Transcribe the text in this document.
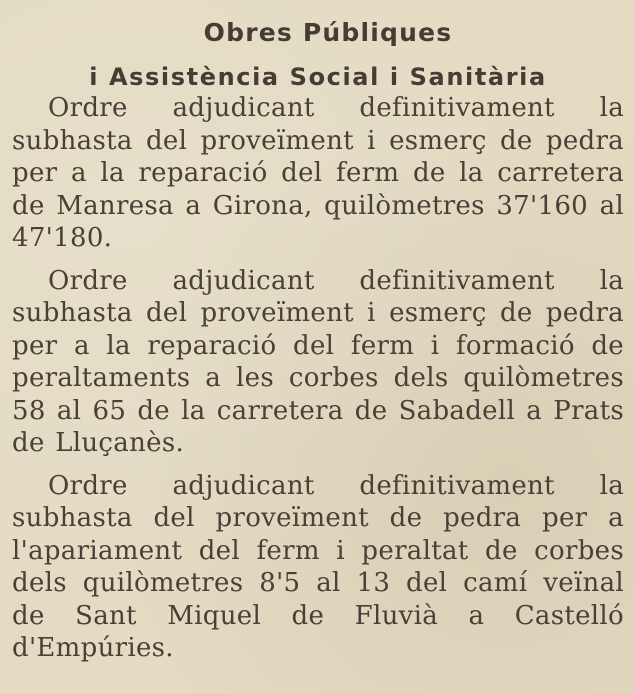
Obres Públiques
i Assistència Social i Sanitària

Ordre adjudicant definitivament la subhasta del proveïment i esmerç de pedra per a la reparació del ferm de la carretera de Manresa a Girona, quilòmetres 37'160 al 47'180.

Ordre adjudicant definitivament la subhasta del proveïment i esmerç de pedra per a la reparació del ferm i formació de peraltaments a les corbes dels quilòmetres 58 al 65 de la carretera de Sabadell a Prats de Lluçanès.

Ordre adjudicant definitivament la subhasta del proveïment de pedra per a l'apariament del ferm i peraltat de corbes dels quilòmetres 8'5 al 13 del camí veïnal de Sant Miquel de Fluvià a Castelló d'Empúries.
